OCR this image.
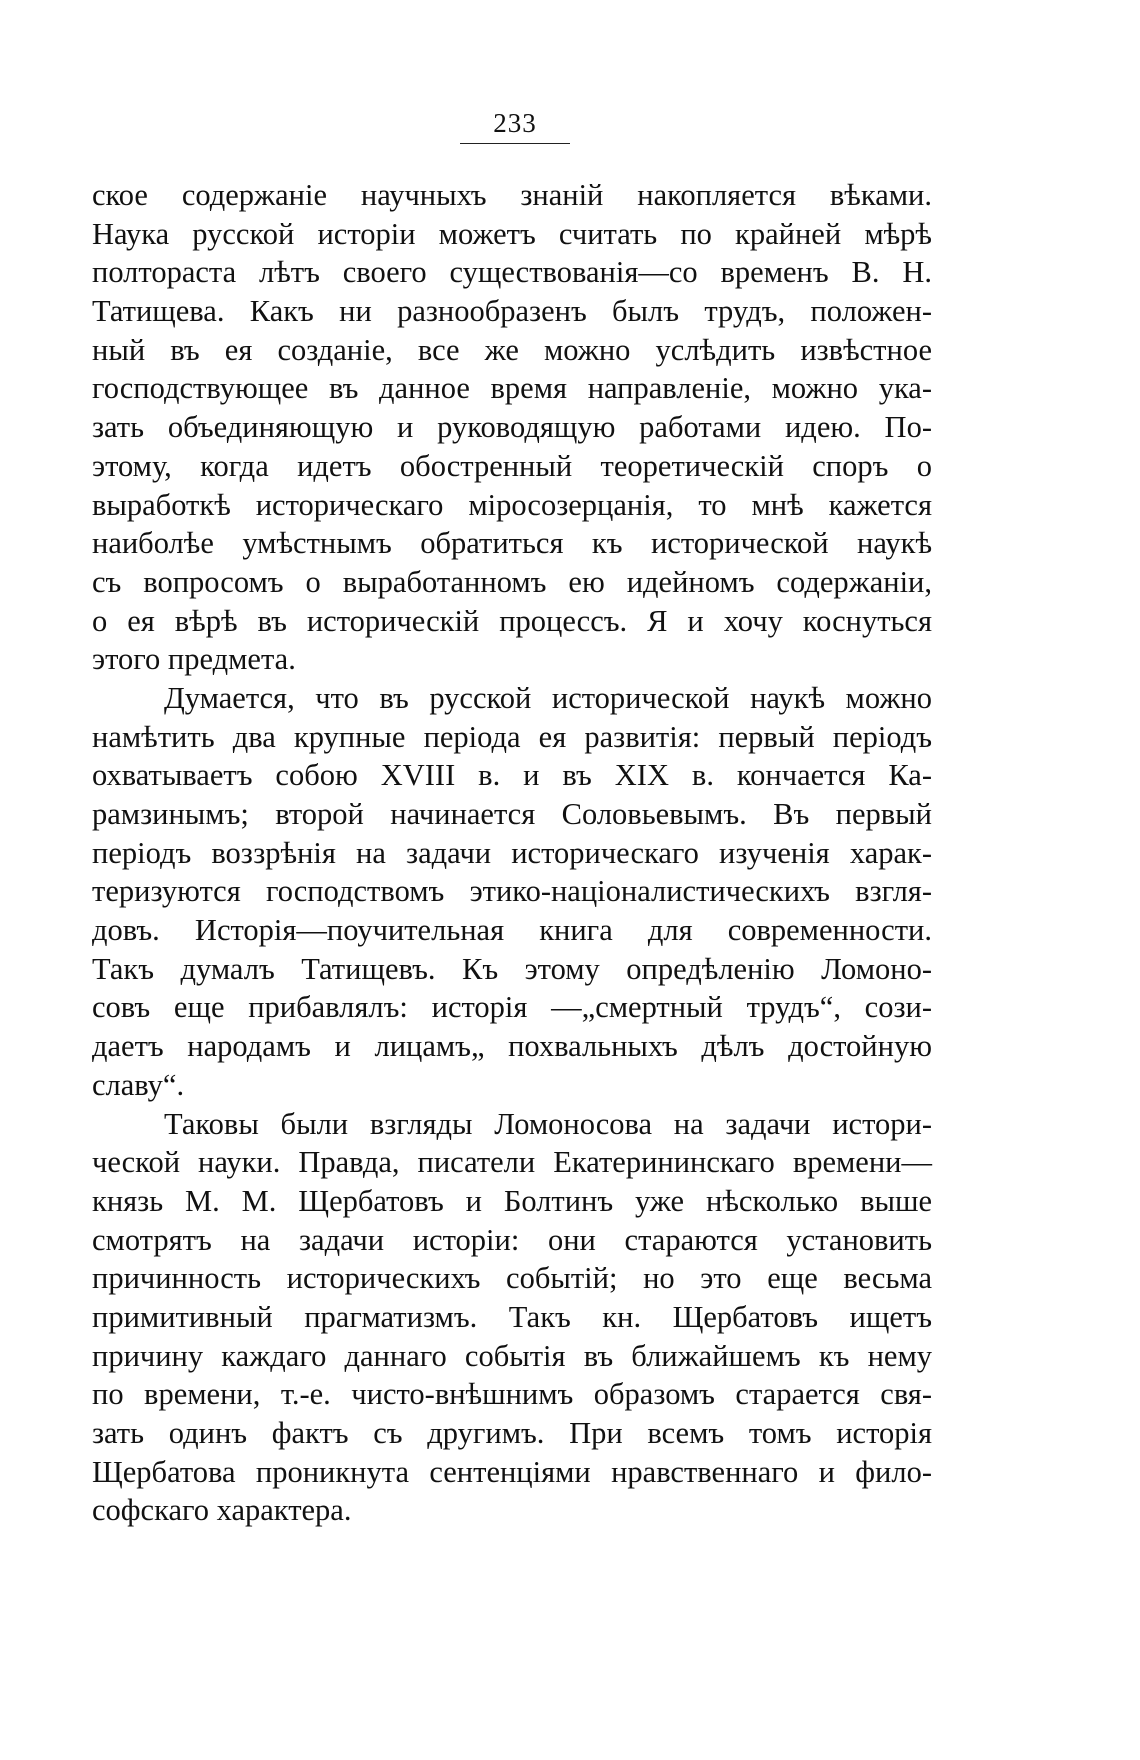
233
ское содержаніе научныхъ знаній накопляется вѣками.
Наука русской исторіи можетъ считать по крайней мѣрѣ
полтораста лѣтъ своего существованія—со временъ В. Н.
Татищева. Какъ ни разнообразенъ былъ трудъ, положен-
ный въ ея созданіе, все же можно услѣдить извѣстное
господствующее въ данное время направленіе, можно ука-
зать объединяющую и руководящую работами идею. По-
этому, когда идетъ обостренный теоретическій споръ о
выработкѣ историческаго міросозерцанія, то мнѣ кажется
наиболѣе умѣстнымъ обратиться къ исторической наукѣ
съ вопросомъ о выработанномъ ею идейномъ содержаніи,
о ея вѣрѣ въ историческій процессъ. Я и хочу коснуться
этого предмета.
Думается, что въ русской исторической наукѣ можно
намѣтить два крупные періода ея развитія: первый періодъ
охватываетъ собою XVIII в. и въ XIX в. кончается Ка-
рамзинымъ; второй начинается Соловьевымъ. Въ первый
періодъ воззрѣнія на задачи историческаго изученія харак-
теризуются господствомъ этико-націоналистическихъ взгля-
довъ. Исторія—поучительная книга для современности.
Такъ думалъ Татищевъ. Къ этому опредѣленію Ломоно-
совъ еще прибавлялъ: исторія —„смертный трудъ“, сози-
даетъ народамъ и лицамъ„ похвальныхъ дѣлъ достойную
славу“.
Таковы были взгляды Ломоносова на задачи истори-
ческой науки. Правда, писатели Екатерининскаго времени—
князь М. М. Щербатовъ и Болтинъ уже нѣсколько выше
смотрятъ на задачи исторіи: они стараются установить
причинность историческихъ событій; но это еще весьма
примитивный прагматизмъ. Такъ кн. Щербатовъ ищетъ
причину каждаго даннаго событія въ ближайшемъ къ нему
по времени, т.-е. чисто-внѣшнимъ образомъ старается свя-
зать одинъ фактъ съ другимъ. При всемъ томъ исторія
Щербатова проникнута сентенціями нравственнаго и фило-
софскаго характера.
